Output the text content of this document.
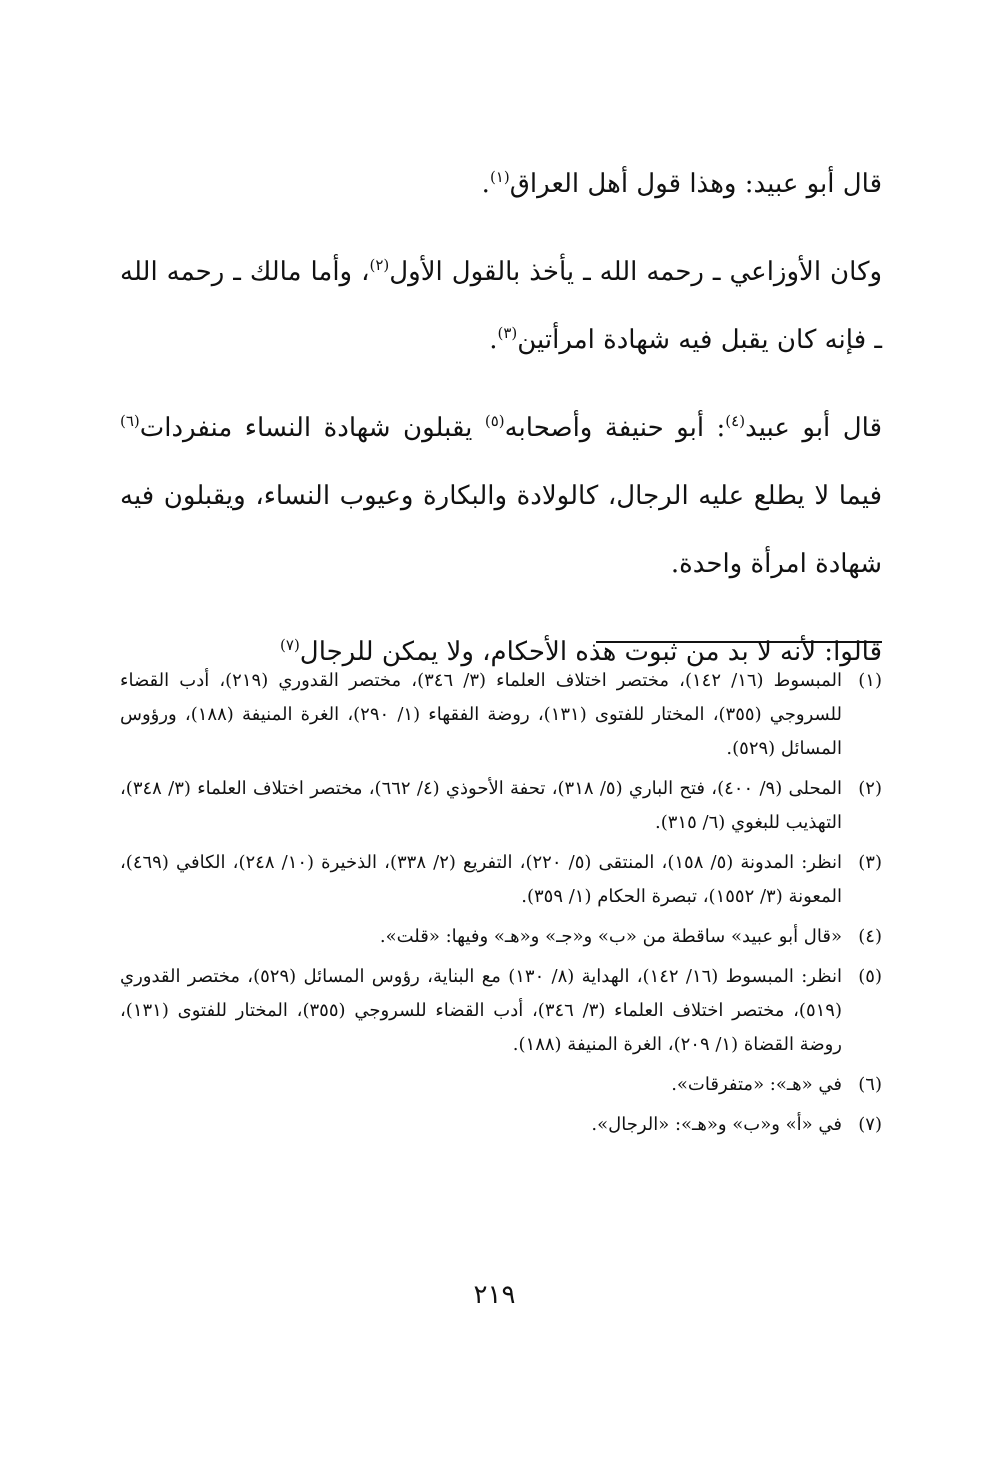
قال أبو عبيد: وهذا قول أهل العراق$^{(١)}$.

وكان الأوزاعي ـ رحمه الله ـ يأخذ بالقول الأول$^{(٢)}$، وأما مالك ـ رحمه الله ـ فإنه كان يقبل فيه شهادة امرأتين$^{(٣)}$.

قال أبو عبيد$^{(٤)}$: أبو حنيفة وأصحابه$^{(٥)}$ يقبلون شهادة النساء منفردات$^{(٦)}$ فيما لا يطلع عليه الرجال، كالولادة والبكارة وعيوب النساء، ويقبلون فيه شهادة امرأة واحدة.

قالوا: لأنه لا بد من ثبوت هذه الأحكام، ولا يمكن للرجال$^{(٧)}$

(١)
المبسوط (١٦/ ١٤٢)، مختصر اختلاف العلماء (٣/ ٣٤٦)، مختصر القدوري (٢١٩)، أدب القضاء للسروجي (٣٥٥)، المختار للفتوى (١٣١)، روضة الفقهاء (١/ ٢٩٠)، الغرة المنيفة (١٨٨)، ورؤوس المسائل (٥٢٩).
(٢)
المحلى (٩/ ٤٠٠)، فتح الباري (٥/ ٣١٨)، تحفة الأحوذي (٤/ ٦٦٢)، مختصر اختلاف العلماء (٣/ ٣٤٨)، التهذيب للبغوي (٦/ ٣١٥).
(٣)
انظر: المدونة (٥/ ١٥٨)، المنتقى (٥/ ٢٢٠)، التفريع (٢/ ٣٣٨)، الذخيرة (١٠/ ٢٤٨)، الكافي (٤٦٩)، المعونة (٣/ ١٥٥٢)، تبصرة الحكام (١/ ٣٥٩).
(٤)
«قال أبو عبيد» ساقطة من «ب» و«جـ» و«هـ» وفيها: «قلت».
(٥)
انظر: المبسوط (١٦/ ١٤٢)، الهداية (٨/ ١٣٠) مع البناية، رؤوس المسائل (٥٢٩)، مختصر القدوري (٥١٩)، مختصر اختلاف العلماء (٣/ ٣٤٦)، أدب القضاء للسروجي (٣٥٥)، المختار للفتوى (١٣١)، روضة القضاة (١/ ٢٠٩)، الغرة المنيفة (١٨٨).
(٦)
في «هـ»: «متفرقات».
(٧)
في «أ» و«ب» و«هـ»: «الرجال».
٢١٩
